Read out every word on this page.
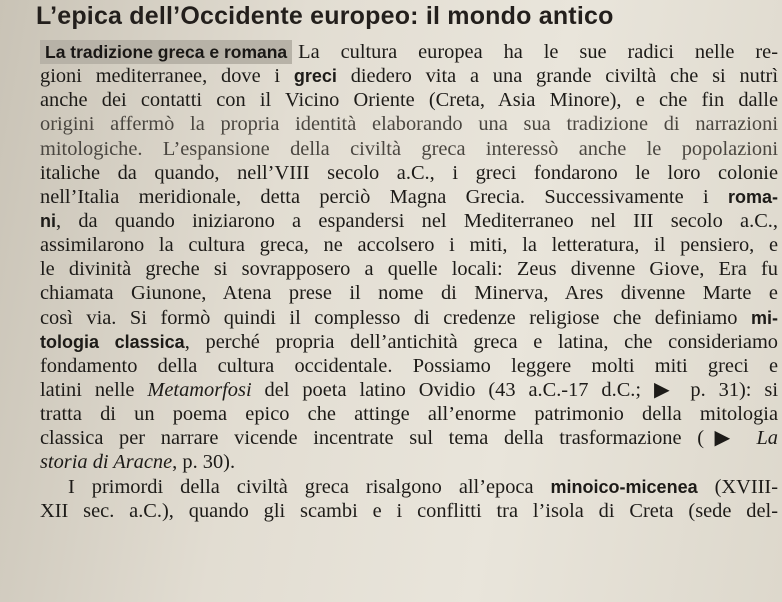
L’epica dell’Occidente europeo: il mondo antico
La tradizione greca e romana La cultura europea ha le sue radici nelle re-
gioni mediterranee, dove i greci diedero vita a una grande civiltà che si nutrì
anche dei contatti con il Vicino Oriente (Creta, Asia Minore), e che fin dalle
origini affermò la propria identità elaborando una sua tradizione di narrazioni
mitologiche. L’espansione della civiltà greca interessò anche le popolazioni
italiche da quando, nell’VIII secolo a.C., i greci fondarono le loro colonie
nell’Italia meridionale, detta perciò Magna Grecia. Successivamente i roma-
ni, da quando iniziarono a espandersi nel Mediterraneo nel III secolo a.C.,
assimilarono la cultura greca, ne accolsero i miti, la letteratura, il pensiero, e
le divinità greche si sovrapposero a quelle locali: Zeus divenne Giove, Era fu
chiamata Giunone, Atena prese il nome di Minerva, Ares divenne Marte e
così via. Si formò quindi il complesso di credenze religiose che definiamo mi-
tologia classica, perché propria dell’antichità greca e latina, che consideriamo
fondamento della cultura occidentale. Possiamo leggere molti miti greci e
latini nelle Metamorfosi del poeta latino Ovidio (43 a.C.-17 d.C.; ▶ p. 31): si
tratta di un poema epico che attinge all’enorme patrimonio della mitologia
classica per narrare vicende incentrate sul tema della trasformazione (▶ La
storia di Aracne, p. 30).
I primordi della civiltà greca risalgono all’epoca minoico-micenea (XVIII-
XII sec. a.C.), quando gli scambi e i conflitti tra l’isola di Creta (sede del-
